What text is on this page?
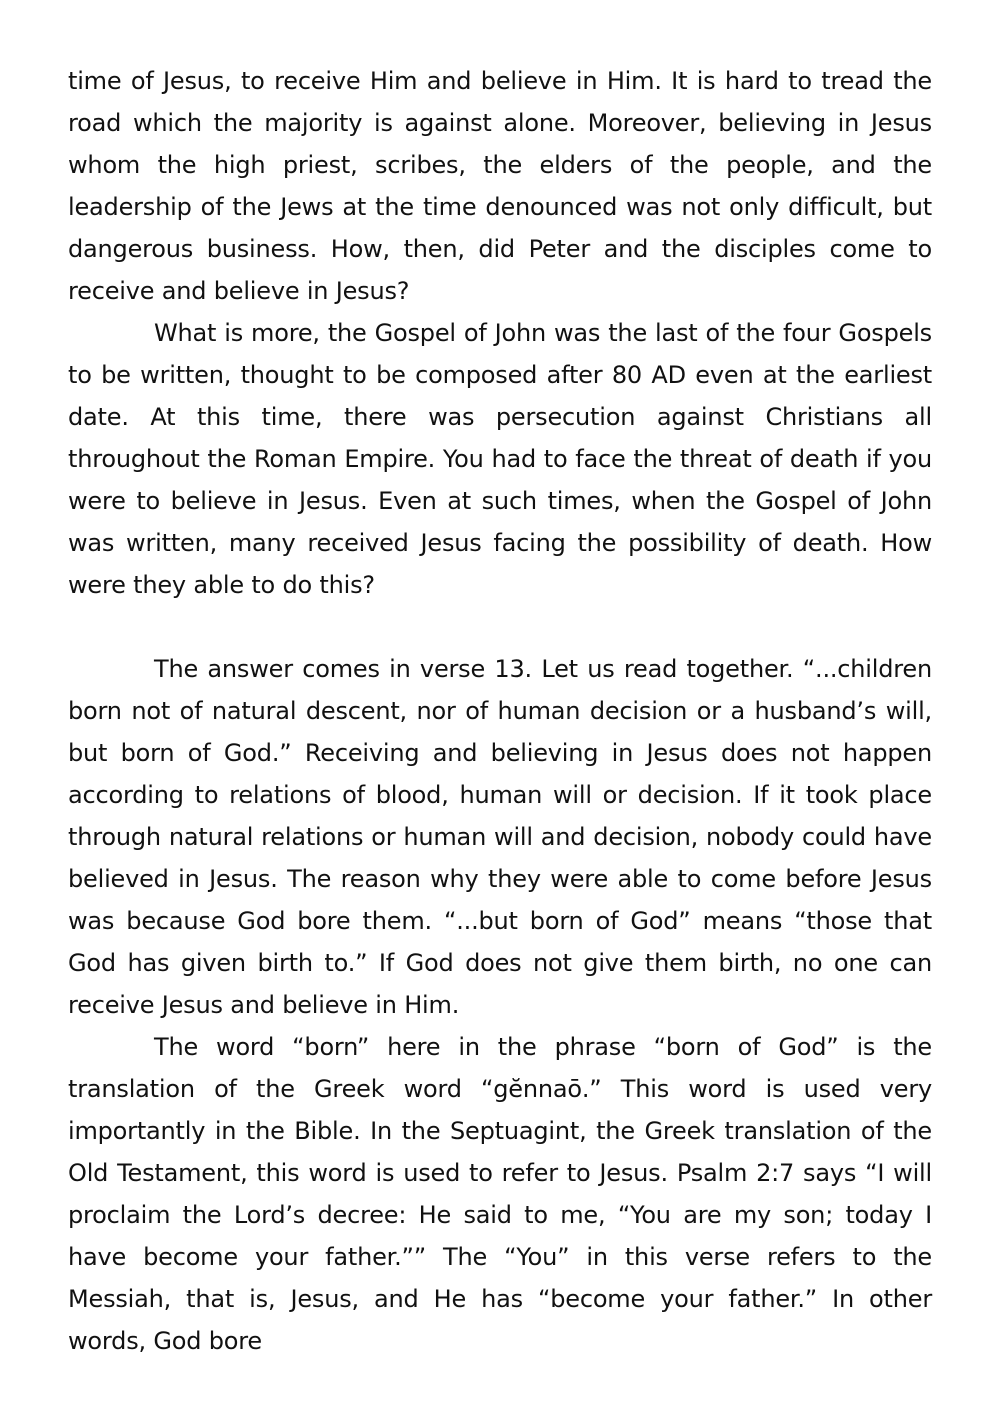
time of Jesus, to receive Him and believe in Him. It is hard to tread the road which the majority is against alone. Moreover, believing in Jesus whom the high priest, scribes, the elders of the people, and the leadership of the Jews at the time denounced was not only difficult, but dangerous business. How, then, did Peter and the disciples come to receive and believe in Jesus?

What is more, the Gospel of John was the last of the four Gospels to be written, thought to be composed after 80 AD even at the earliest date. At this time, there was persecution against Christians all throughout the Roman Empire. You had to face the threat of death if you were to believe in Jesus. Even at such times, when the Gospel of John was written, many received Jesus facing the possibility of death. How were they able to do this?

The answer comes in verse 13. Let us read together. “...children born not of natural descent, nor of human decision or a husband’s will, but born of God.” Receiving and believing in Jesus does not happen according to relations of blood, human will or decision. If it took place through natural relations or human will and decision, nobody could have believed in Jesus. The reason why they were able to come before Jesus was because God bore them. “...but born of God” means “those that God has given birth to.” If God does not give them birth, no one can receive Jesus and believe in Him.

The word “born” here in the phrase “born of God” is the translation of the Greek word “gĕnnaō.” This word is used very importantly in the Bible. In the Septuagint, the Greek translation of the Old Testament, this word is used to refer to Jesus. Psalm 2:7 says “I will proclaim the Lord’s decree: He said to me, “You are my son; today I have become your father.”” The “You” in this verse refers to the Messiah, that is, Jesus, and He has “become your father.” In other words, God bore
